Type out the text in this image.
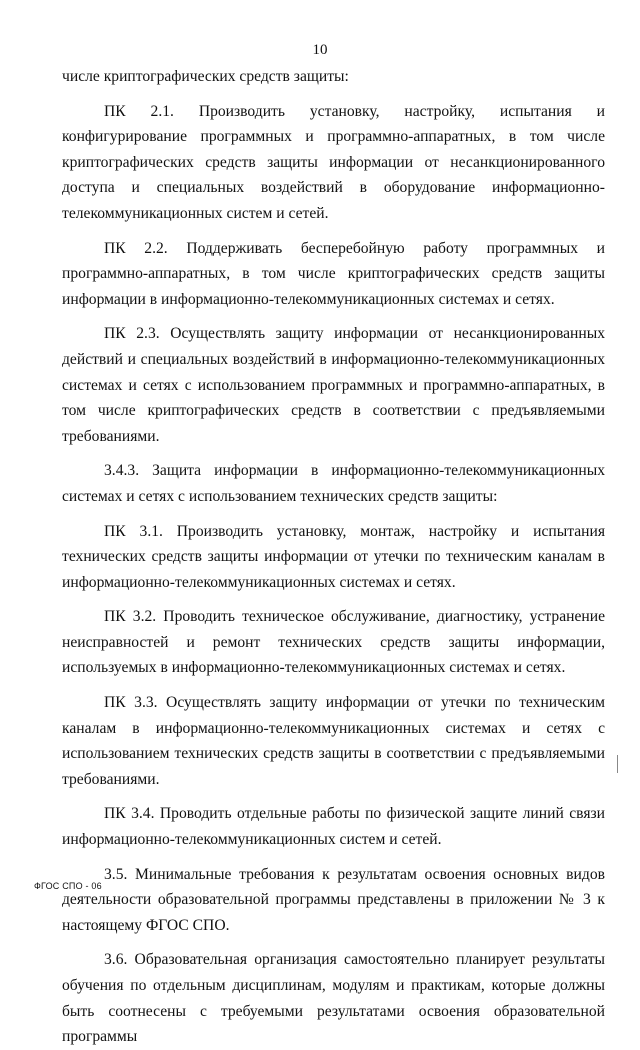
10

числе криптографических средств защиты:

ПК 2.1. Производить установку, настройку, испытания и конфигурирование программных и программно-аппаратных, в том числе криптографических средств защиты информации от несанкционированного доступа и специальных воздействий в оборудование информационно-телекоммуникационных систем и сетей.

ПК 2.2. Поддерживать бесперебойную работу программных и программно-аппаратных, в том числе криптографических средств защиты информации в информационно-телекоммуникационных системах и сетях.

ПК 2.3. Осуществлять защиту информации от несанкционированных действий и специальных воздействий в информационно-телекоммуникационных системах и сетях с использованием программных и программно-аппаратных, в том числе криптографических средств в соответствии с предъявляемыми требованиями.

3.4.3. Защита информации в информационно-телекоммуникационных системах и сетях с использованием технических средств защиты:

ПК 3.1. Производить установку, монтаж, настройку и испытания технических средств защиты информации от утечки по техническим каналам в информационно-телекоммуникационных системах и сетях.

ПК 3.2. Проводить техническое обслуживание, диагностику, устранение неисправностей и ремонт технических средств защиты информации, используемых в информационно-телекоммуникационных системах и сетях.

ПК 3.3. Осуществлять защиту информации от утечки по техническим каналам в информационно-телекоммуникационных системах и сетях с использованием технических средств защиты в соответствии с предъявляемыми требованиями.

ПК 3.4. Проводить отдельные работы по физической защите линий связи информационно-телекоммуникационных систем и сетей.

3.5. Минимальные требования к результатам освоения основных видов деятельности образовательной программы представлены в приложении № 3 к настоящему ФГОС СПО.

3.6. Образовательная организация самостоятельно планирует результаты обучения по отдельным дисциплинам, модулям и практикам, которые должны быть соотнесены с требуемыми результатами освоения образовательной программы

ФГОС СПО - 06
